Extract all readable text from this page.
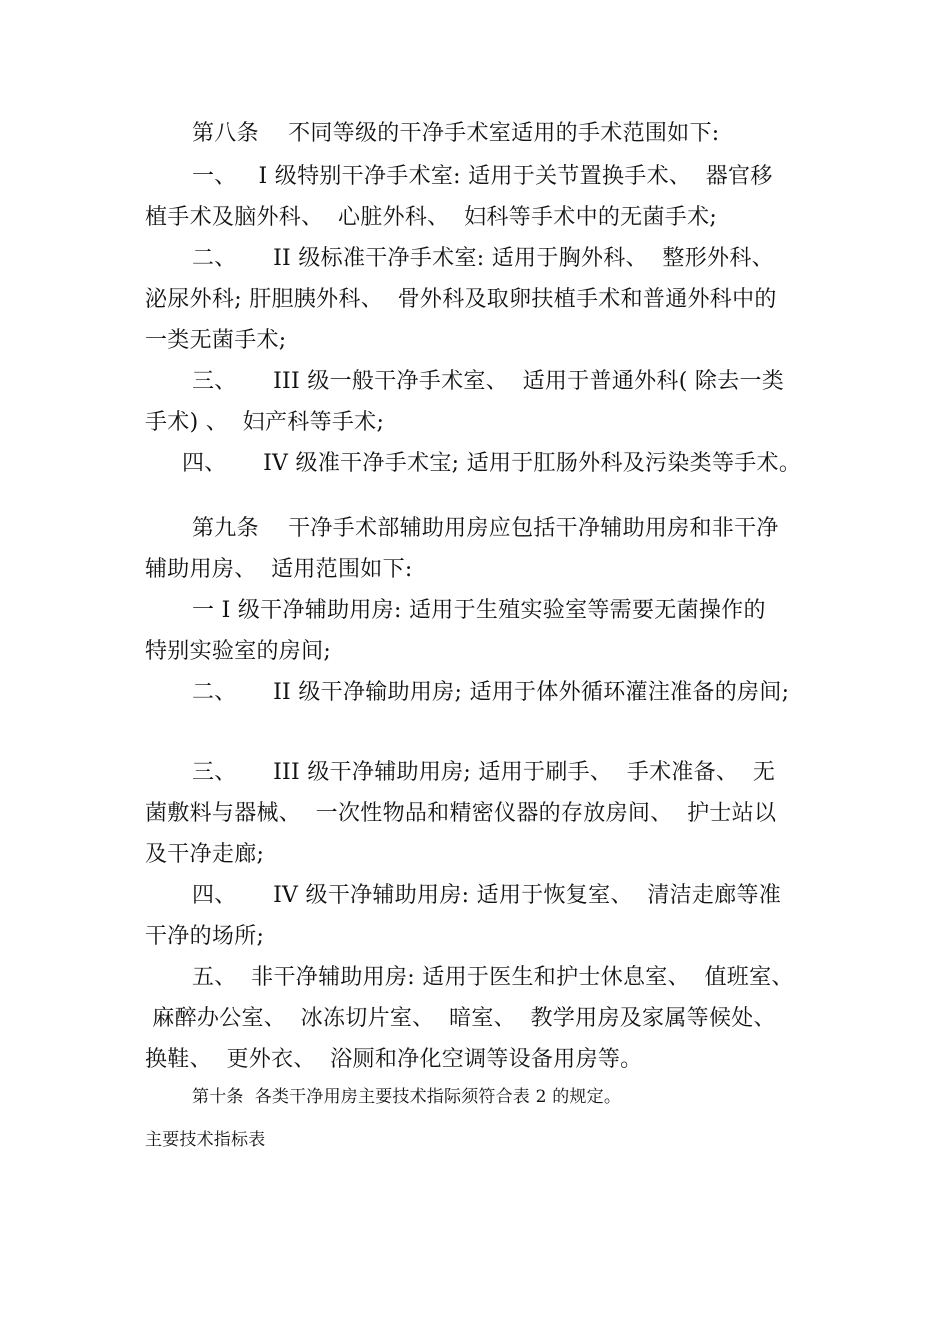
第八条    不同等级的干净手术室适用的手术范围如下:
一、   I 级特别干净手术室: 适用于关节置换手术、  器官移
植手术及脑外科、  心脏外科、  妇科等手术中的无菌手术;
二、     II 级标准干净手术室: 适用于胸外科、  整形外科、
泌尿外科; 肝胆胰外科、  骨外科及取卵扶植手术和普通外科中的
一类无菌手术;
三、     III 级一般干净手术室、  适用于普通外科( 除去一类
手术) 、  妇产科等手术;
四、     IV 级准干净手术宝; 适用于肛肠外科及污染类等手术。
第九条    干净手术部辅助用房应包括干净辅助用房和非干净
辅助用房、  适用范围如下:
一 I 级干净辅助用房: 适用于生殖实验室等需要无菌操作的
特别实验室的房间;
二、     II 级干净输助用房; 适用于体外循环灌注准备的房间;
三、     III 级干净辅助用房; 适用于刷手、  手术准备、  无
菌敷料与器械、  一次性物品和精密仪器的存放房间、  护士站以
及干净走廊;
四、     IV 级干净辅助用房: 适用于恢复室、  清洁走廊等准
干净的场所;
五、  非干净辅助用房: 适用于医生和护士休息室、  值班室、
麻醉办公室、  冰冻切片室、  暗室、  教学用房及家属等候处、
换鞋、  更外衣、  浴厕和净化空调等设备用房等。
第十条  各类干净用房主要技术指际须符合表 2 的规定。
主要技术指标表
